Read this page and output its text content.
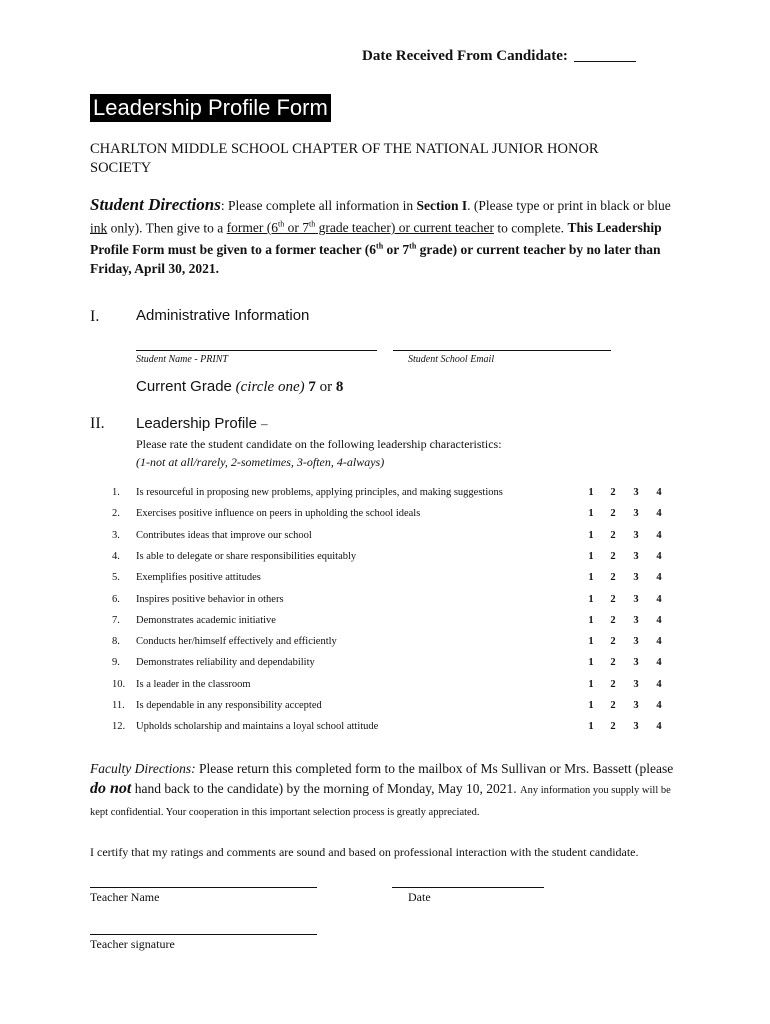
Date Received From Candidate:
Leadership Profile Form
CHARLTON MIDDLE SCHOOL CHAPTER OF THE NATIONAL JUNIOR HONOR SOCIETY
Student Directions: Please complete all information in Section I. (Please type or print in black or blue ink only). Then give to a former (6th or 7th grade teacher) or current teacher to complete. This Leadership Profile Form must be given to a former teacher (6th or 7th grade) or current teacher by no later than Friday, April 30, 2021.
I. Administrative Information
Student Name - PRINT	Student School Email
Current Grade (circle one) 7 or 8
II. Leadership Profile –
Please rate the student candidate on the following leadership characteristics:
(1-not at all/rarely, 2-sometimes, 3-often, 4-always)
1.	Is resourceful in proposing new problems, applying principles, and making suggestions	1 2 3 4
2.	Exercises positive influence on peers in upholding the school ideals	1 2 3 4
3.	Contributes ideas that improve our school	1 2 3 4
4.	Is able to delegate or share responsibilities equitably	1 2 3 4
5.	Exemplifies positive attitudes	1 2 3 4
6.	Inspires positive behavior in others	1 2 3 4
7.	Demonstrates academic initiative	1 2 3 4
8.	Conducts her/himself effectively and efficiently	1 2 3 4
9.	Demonstrates reliability and dependability	1 2 3 4
10.	Is a leader in the classroom	1 2 3 4
11.	Is dependable in any responsibility accepted	1 2 3 4
12.	Upholds scholarship and maintains a loyal school attitude	1 2 3 4
Faculty Directions: Please return this completed form to the mailbox of Ms Sullivan or Mrs. Bassett (please do not hand back to the candidate) by the morning of Monday, May 10, 2021. Any information you supply will be kept confidential. Your cooperation in this important selection process is greatly appreciated.
I certify that my ratings and comments are sound and based on professional interaction with the student candidate.
Teacher Name	Date
Teacher signature
